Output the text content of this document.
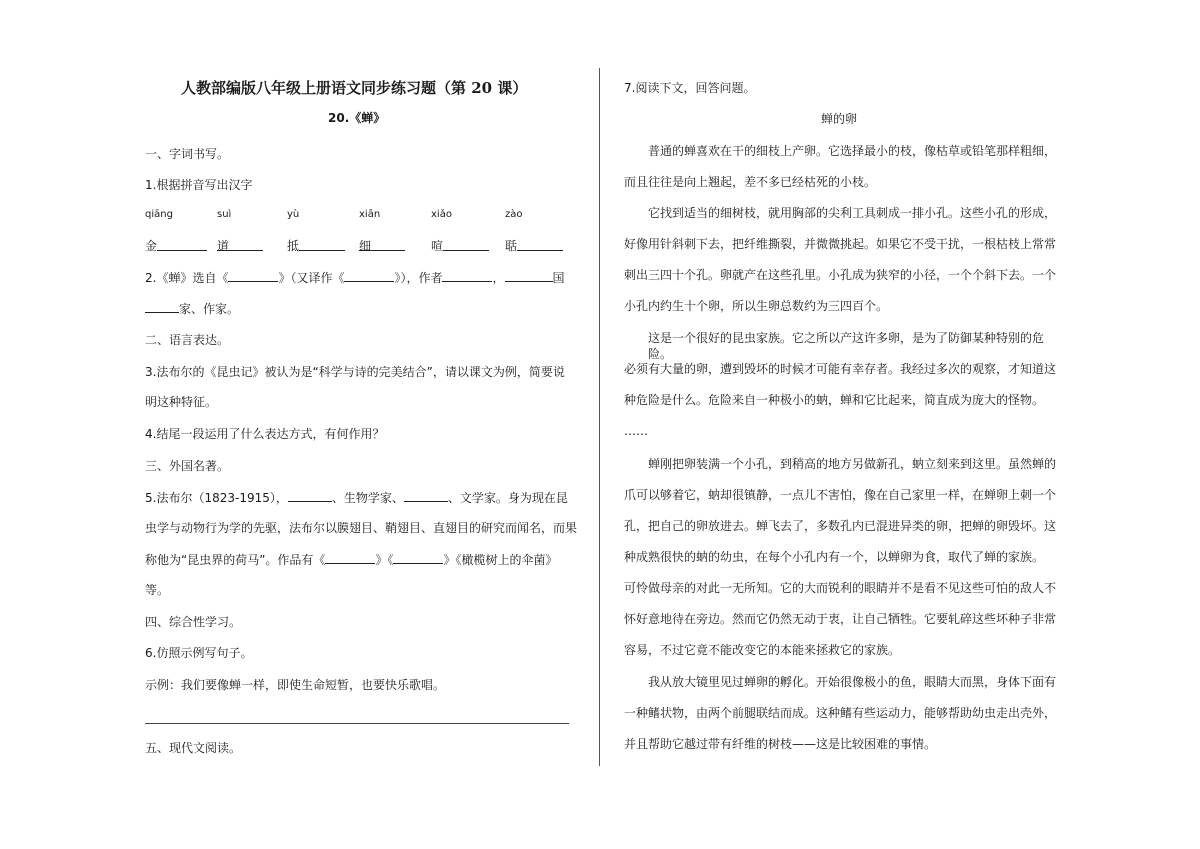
人教部编版八年级上册语文同步练习题（第 20 课）
20.《蝉》
一、字词书写。
1.根据拼音写出汉字
qiāng	suì	yù	xiān	xiǎo	zào
金	道	抵	细	喧	聒
2.《蝉》选自《	》（又译作《	》），作者	，	国
家、作家。
二、语言表达。
3.法布尔的《昆虫记》被认为是“科学与诗的完美结合”，请以课文为例，简要说
明这种特征。
4.结尾一段运用了什么表达方式，有何作用？
三、外国名著。
5.法布尔（1823-1915），	、生物学家、	、文学家。身为现在昆
虫学与动物行为学的先驱，法布尔以膜翅目、鞘翅目、直翅目的研究而闻名，而果
称他为“昆虫界的荷马”。作品有《	》《	》《橄榄树上的伞菌》
等。
四、综合性学习。
6.仿照示例写句子。
示例：我们要像蝉一样，即使生命短暂，也要快乐歌唱。
五、现代文阅读。
7.阅读下文，回答问题。
蝉的卵
普通的蝉喜欢在干的细枝上产卵。它选择最小的枝，像枯草或铅笔那样粗细，
而且往往是向上翘起，差不多已经枯死的小枝。
它找到适当的细树枝，就用胸部的尖利工具刺成一排小孔。这些小孔的形成，
好像用针斜刺下去，把纤维撕裂，并微微挑起。如果它不受干扰，一根枯枝上常常
刺出三四十个孔。卵就产在这些孔里。小孔成为狭窄的小径，一个个斜下去。一个
小孔内约生十个卵，所以生卵总数约为三四百个。
这是一个很好的昆虫家族。它之所以产这许多卵，是为了防御某种特别的危险。
必须有大量的卵，遭到毁坏的时候才可能有幸存者。我经过多次的观察，才知道这
种危险是什么。危险来自一种极小的蚋，蝉和它比起来，简直成为庞大的怪物。
……
蝉刚把卵装满一个小孔，到稍高的地方另做新孔，蚋立刻来到这里。虽然蝉的
爪可以够着它，蚋却很镇静，一点儿不害怕，像在自己家里一样，在蝉卵上刺一个
孔，把自己的卵放进去。蝉飞去了，多数孔内已混进异类的卵，把蝉的卵毁坏。这
种成熟很快的蚋的幼虫，在每个小孔内有一个，以蝉卵为食，取代了蝉的家族。
可怜做母亲的对此一无所知。它的大而锐利的眼睛并不是看不见这些可怕的敌人不
怀好意地待在旁边。然而它仍然无动于衷，让自己牺牲。它要轧碎这些坏种子非常
容易，不过它竟不能改变它的本能来拯救它的家族。
我从放大镜里见过蝉卵的孵化。开始很像极小的鱼，眼睛大而黑，身体下面有
一种鳍状物，由两个前腿联结而成。这种鳍有些运动力，能够帮助幼虫走出壳外，
并且帮助它越过带有纤维的树枝——这是比较困难的事情。
